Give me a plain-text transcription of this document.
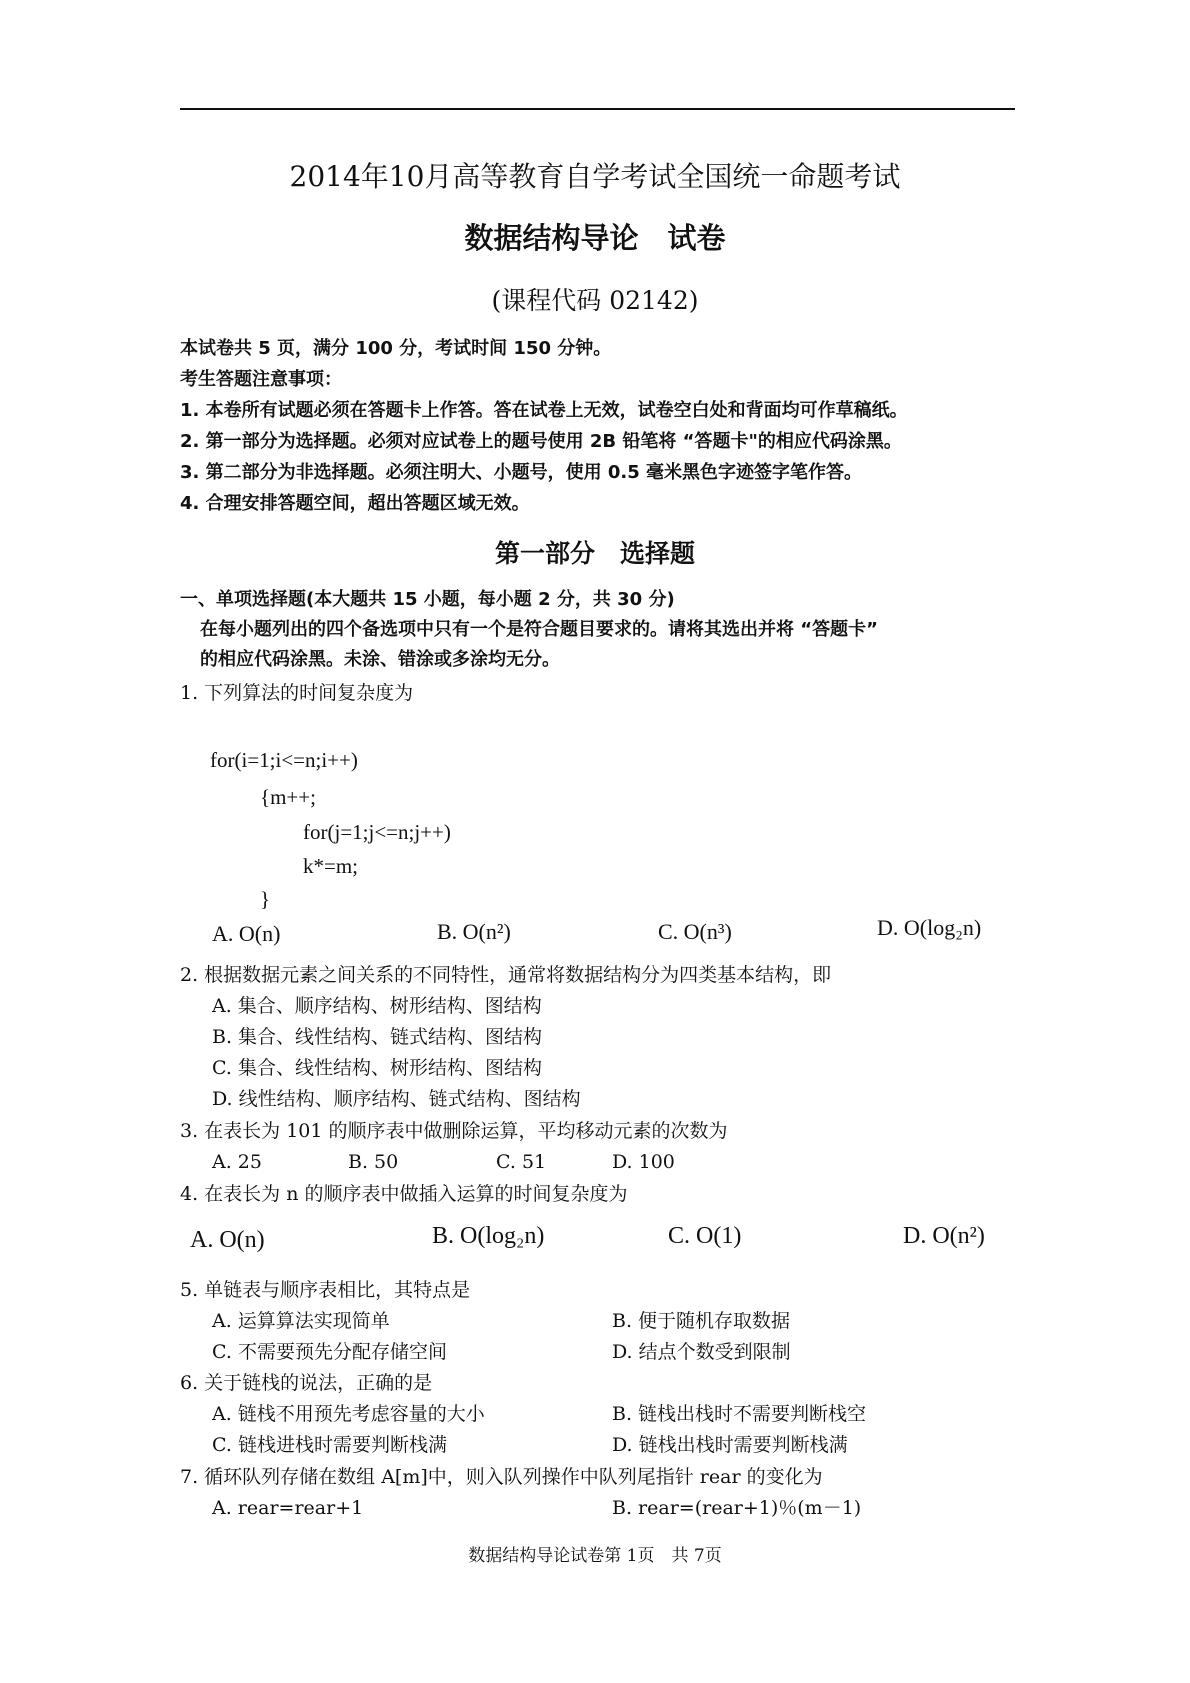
2014年10月高等教育自学考试全国统一命题考试
数据结构导论　试卷
(课程代码 02142)
本试卷共 5 页，满分 100 分，考试时间 150 分钟。
考生答题注意事项：
1. 本卷所有试题必须在答题卡上作答。答在试卷上无效，试卷空白处和背面均可作草稿纸。
2. 第一部分为选择题。必须对应试卷上的题号使用 2B 铅笔将 “答题卡"的相应代码涂黑。
3. 第二部分为非选择题。必须注明大、小题号，使用 0.5 毫米黑色字迹签字笔作答。
4. 合理安排答题空间，超出答题区域无效。
第一部分　选择题
一、单项选择题(本大题共 15 小题，每小题 2 分，共 30 分)
在每小题列出的四个备选项中只有一个是符合题目要求的。请将其选出并将 “答题卡”
的相应代码涂黑。未涂、错涂或多涂均无分。
1. 下列算法的时间复杂度为
for(i=1;i<=n;i++)
{m++;
for(j=1;j<=n;j++)
k*=m;
}
A. O(n)	B. O(n²)	C. O(n³)	D. O(log₂n)
2. 根据数据元素之间关系的不同特性，通常将数据结构分为四类基本结构，即
A. 集合、顺序结构、树形结构、图结构
B. 集合、线性结构、链式结构、图结构
C. 集合、线性结构、树形结构、图结构
D. 线性结构、顺序结构、链式结构、图结构
3. 在表长为 101 的顺序表中做删除运算，平均移动元素的次数为
A. 25	B. 50	C. 51	D. 100
4. 在表长为 n 的顺序表中做插入运算的时间复杂度为
A. O(n)	B. O(log₂n)	C. O(1)	D. O(n²)
5. 单链表与顺序表相比，其特点是
A. 运算算法实现简单	B. 便于随机存取数据
C. 不需要预先分配存储空间	D. 结点个数受到限制
6. 关于链栈的说法，正确的是
A. 链栈不用预先考虑容量的大小	B. 链栈出栈时不需要判断栈空
C. 链栈进栈时需要判断栈满	D. 链栈出栈时需要判断栈满
7. 循环队列存储在数组 A[m]中，则入队列操作中队列尾指针 rear 的变化为
A. rear=rear+1	B. rear=(rear+1)％(m－1)
数据结构导论试卷第 1页　共 7页
